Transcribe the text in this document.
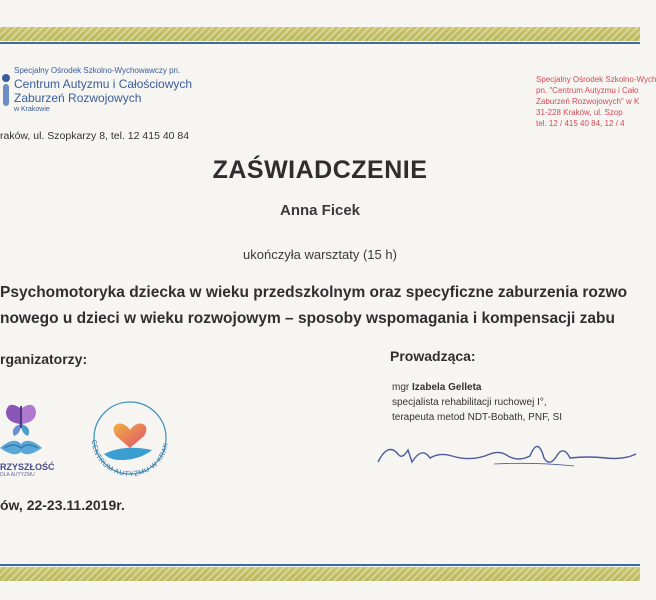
Specjalny Ośrodek Szkolno-Wychowawczy pn.
Centrum Autyzmu i Całościowych
Zaburzeń Rozwojowych
w Krakowie
raków, ul. Szopkarzy 8, tel. 12 415 40 84
Specjalny Ośrodek Szkolno-Wych
pn. "Centrum Autyzmu i Cało
Zaburzeń Rozwojowych" w K
31-228 Kraków, ul. Szop
tel. 12 / 415 40 84, 12 / 4
ZAŚWIADCZENIE
Anna Ficek
ukończyła warsztaty (15 h)
Psychomotoryka dziecka w wieku przedszkolnym oraz specyficzne zaburzenia rozwo
nowego u dzieci w wieku rozwojowym – sposoby wspomagania i kompensacji zabu
rganizatorzy:	Prowadząca:
mgr Izabela Gelleta
specjalista rehabilitacji ruchowej I°,
terapeuta metod NDT-Bobath, PNF, SI
RZYSZŁOŚĆ
DLA AUTYZMU
CENTRUM AUTYZMU W KRAK
ów, 22-23.11.2019r.
